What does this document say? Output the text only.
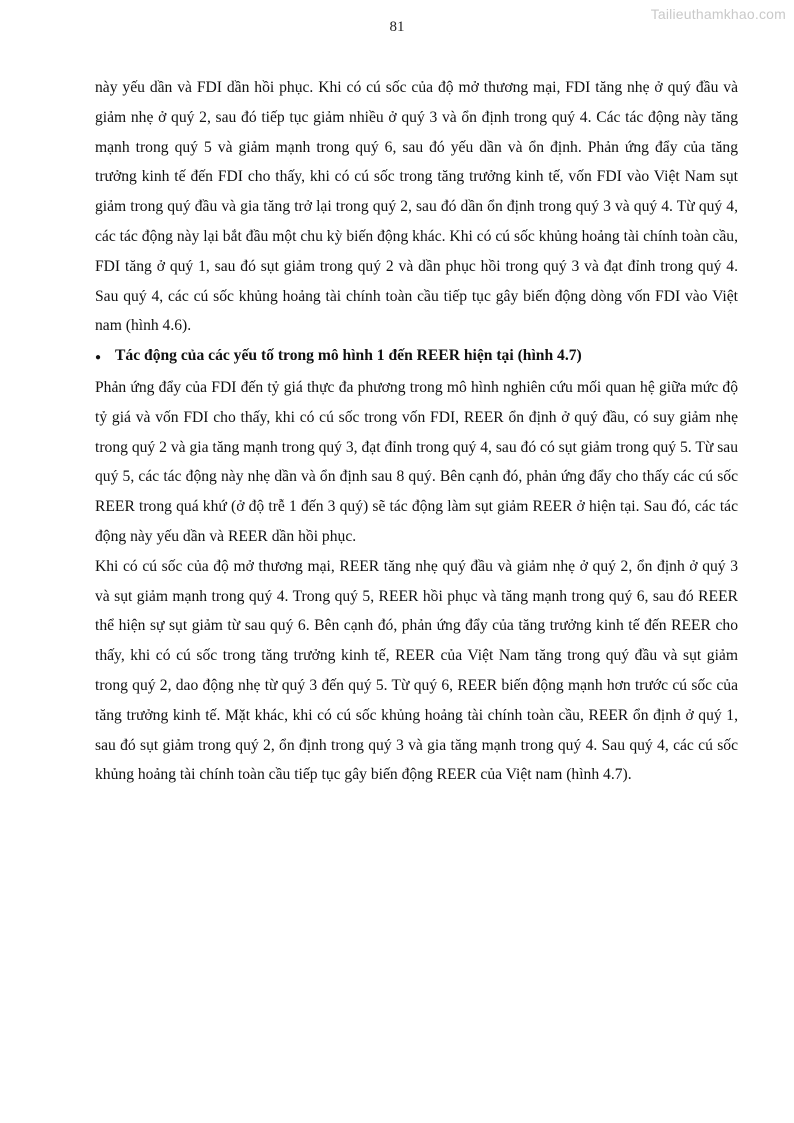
Tailieuthamkhao.com
81

này yếu dần và FDI dần hồi phục. Khi có cú sốc của độ mở thương mại, FDI tăng nhẹ ở quý đầu và giảm nhẹ ở quý 2, sau đó tiếp tục giảm nhiều ở quý 3 và ổn định trong quý 4. Các tác động này tăng mạnh trong quý 5 và giảm mạnh trong quý 6, sau đó yếu dần và ổn định. Phản ứng đẩy của tăng trưởng kinh tế đến FDI cho thấy, khi có cú sốc trong tăng trưởng kinh tế, vốn FDI vào Việt Nam sụt giảm trong quý đầu và gia tăng trở lại trong quý 2, sau đó dần ổn định trong quý 3 và quý 4. Từ quý 4, các tác động này lại bắt đầu một chu kỳ biến động khác. Khi có cú sốc khủng hoảng tài chính toàn cầu, FDI tăng ở quý 1, sau đó sụt giảm trong quý 2 và dần phục hồi trong quý 3 và đạt đỉnh trong quý 4. Sau quý 4, các cú sốc khủng hoảng tài chính toàn cầu tiếp tục gây biến động dòng vốn FDI vào Việt nam (hình 4.6).

● Tác động của các yếu tố trong mô hình 1 đến REER hiện tại (hình 4.7)

Phản ứng đẩy của FDI đến tỷ giá thực đa phương trong mô hình nghiên cứu mối quan hệ giữa mức độ tỷ giá và vốn FDI cho thấy, khi có cú sốc trong vốn FDI, REER ổn định ở quý đầu, có suy giảm nhẹ trong quý 2 và gia tăng mạnh trong quý 3, đạt đỉnh trong quý 4, sau đó có sụt giảm trong quý 5. Từ sau quý 5, các tác động này nhẹ dần và ổn định sau 8 quý. Bên cạnh đó, phản ứng đẩy cho thấy các cú sốc REER trong quá khứ (ở độ trễ 1 đến 3 quý) sẽ tác động làm sụt giảm REER ở hiện tại. Sau đó, các tác động này yếu dần và REER dần hồi phục.

Khi có cú sốc của độ mở thương mại, REER tăng nhẹ quý đầu và giảm nhẹ ở quý 2, ổn định ở quý 3 và sụt giảm mạnh trong quý 4. Trong quý 5, REER hồi phục và tăng mạnh trong quý 6, sau đó REER thể hiện sự sụt giảm từ sau quý 6. Bên cạnh đó, phản ứng đẩy của tăng trưởng kinh tế đến REER cho thấy, khi có cú sốc trong tăng trưởng kinh tế, REER của Việt Nam tăng trong quý đầu và sụt giảm trong quý 2, dao động nhẹ từ quý 3 đến quý 5. Từ quý 6, REER biến động mạnh hơn trước cú sốc của tăng trưởng kinh tế. Mặt khác, khi có cú sốc khủng hoảng tài chính toàn cầu, REER ổn định ở quý 1, sau đó sụt giảm trong quý 2, ổn định trong quý 3 và gia tăng mạnh trong quý 4. Sau quý 4, các cú sốc khủng hoảng tài chính toàn cầu tiếp tục gây biến động REER của Việt nam (hình 4.7).
